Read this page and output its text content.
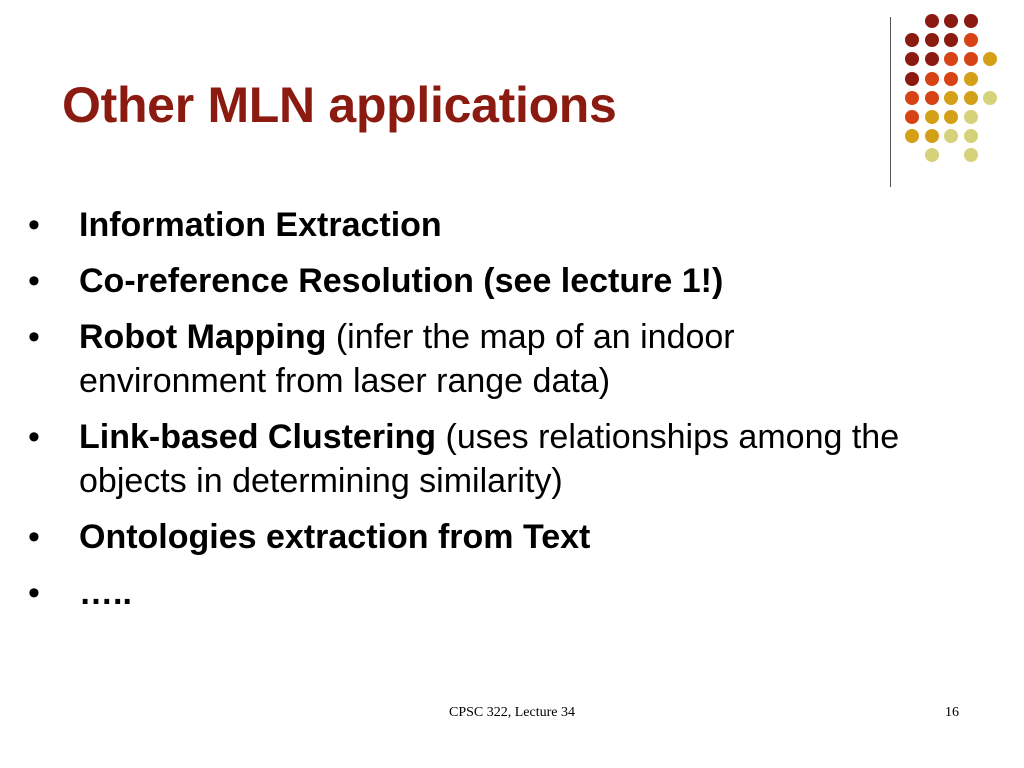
Other MLN applications
• Information Extraction
• Co-reference Resolution (see lecture 1!)
• Robot Mapping (infer the map of an indoor environment from laser range data)
• Link-based Clustering (uses relationships among the objects in determining similarity)
• Ontologies extraction from Text
• …..
CPSC 322, Lecture 34	16
